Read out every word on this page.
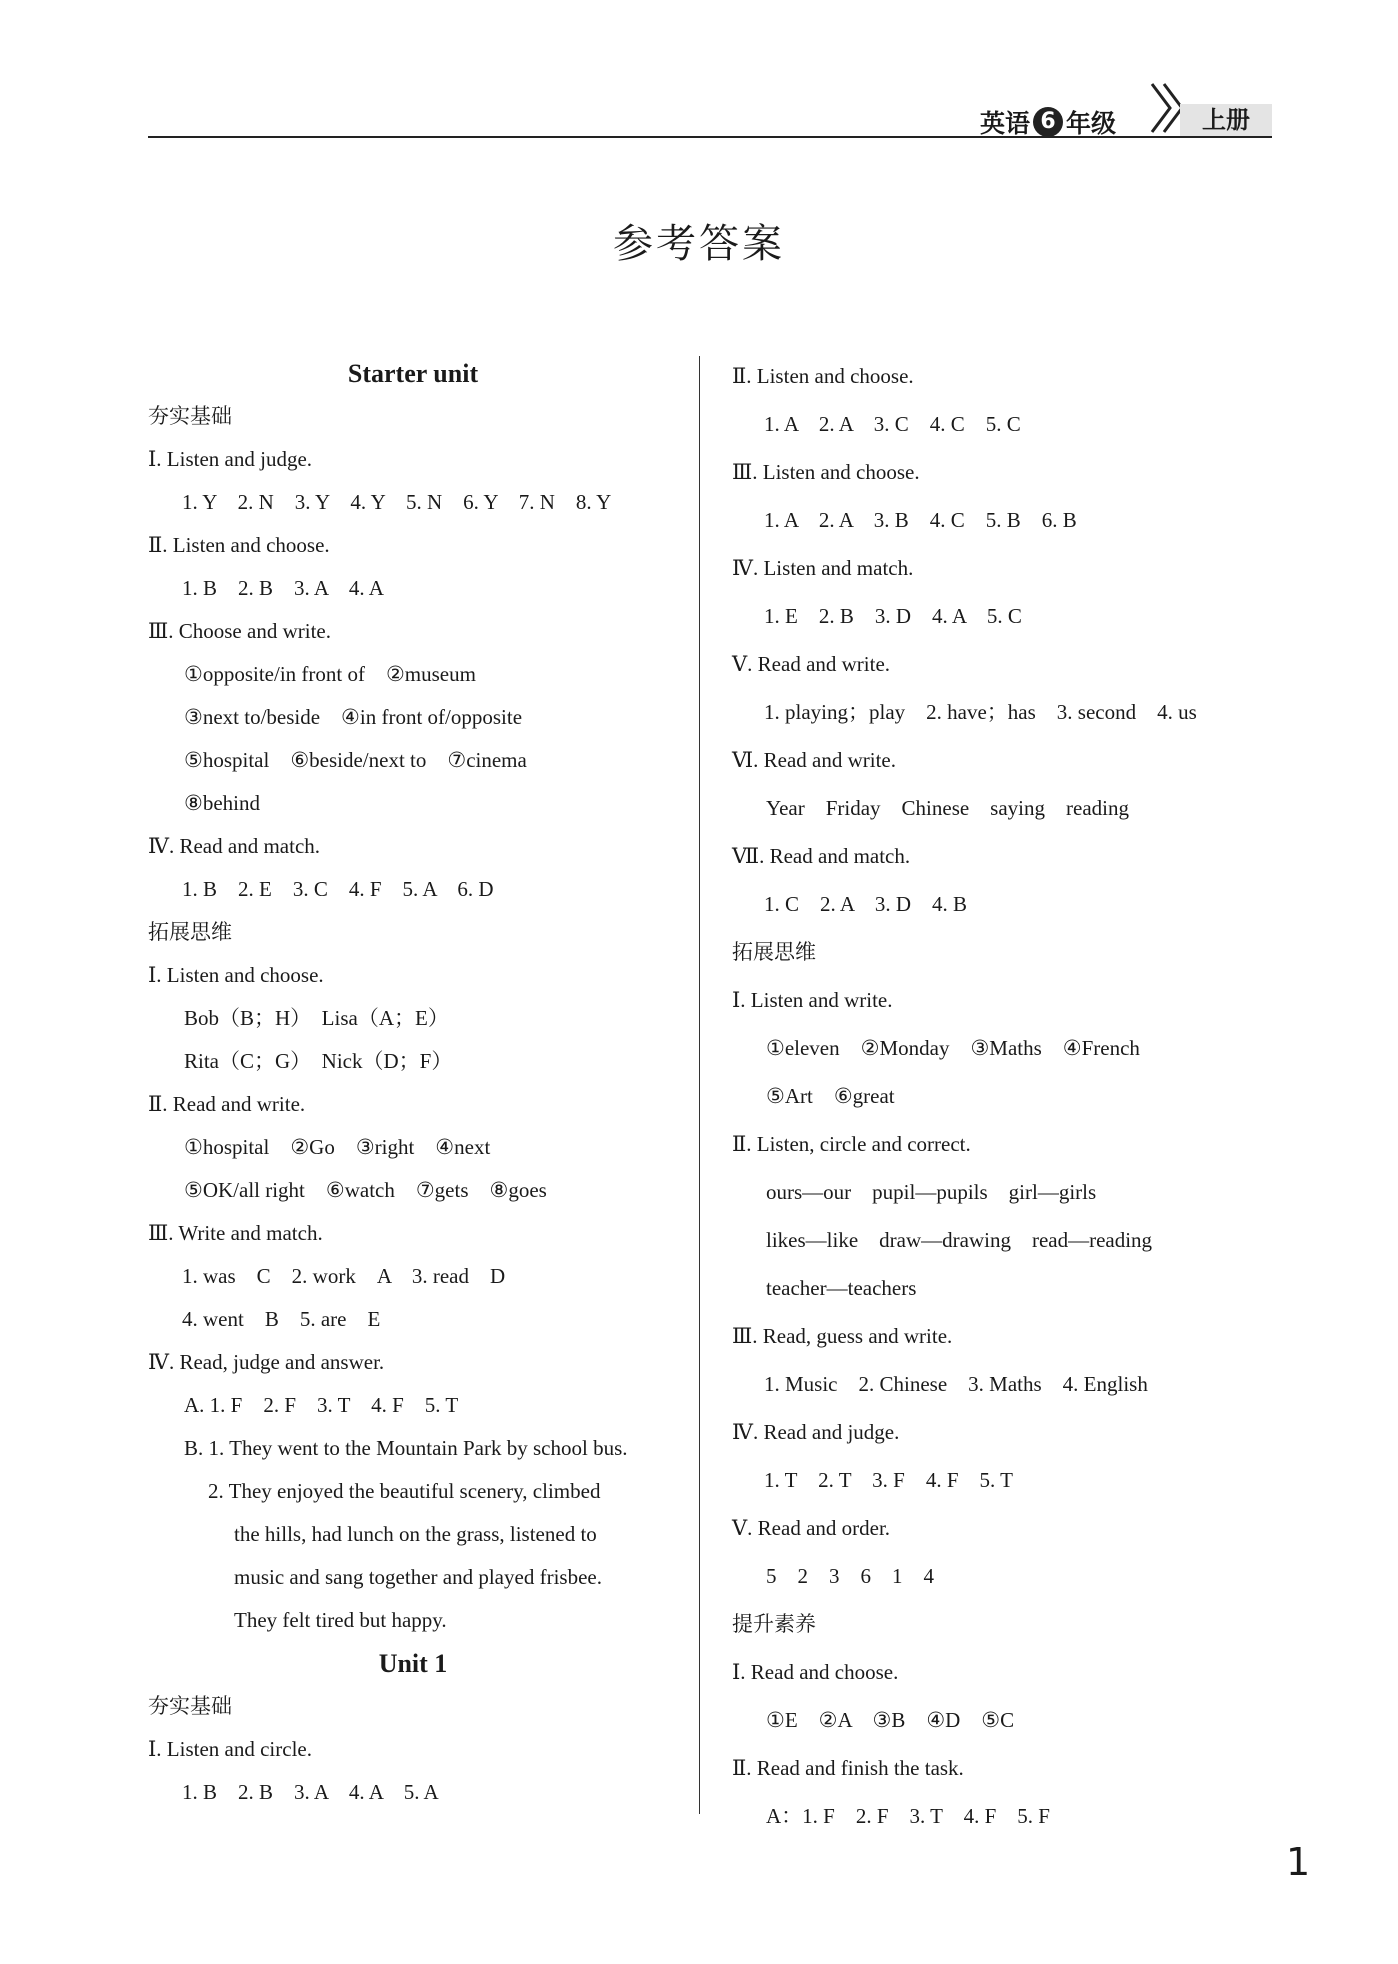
英语 6 年级	上册
参考答案
Starter unit
夯实基础
Ⅰ. Listen and judge.
1. Y　2. N　3. Y　4. Y　5. N　6. Y　7. N　8. Y
Ⅱ. Listen and choose.
1. B　2. B　3. A　4. A
Ⅲ. Choose and write.
①opposite/in front of　②museum
③next to/beside　④in front of/opposite
⑤hospital　⑥beside/next to　⑦cinema
⑧behind
Ⅳ. Read and match.
1. B　2. E　3. C　4. F　5. A　6. D
拓展思维
Ⅰ. Listen and choose.
Bob（B；H）　Lisa（A；E）
Rita（C；G）　Nick（D；F）
Ⅱ. Read and write.
①hospital　②Go　③right　④next
⑤OK/all right　⑥watch　⑦gets　⑧goes
Ⅲ. Write and match.
1. was　C　2. work　A　3. read　D
4. went　B　5. are　E
Ⅳ. Read, judge and answer.
A. 1. F　2. F　3. T　4. F　5. T
B. 1. They went to the Mountain Park by school bus.
2. They enjoyed the beautiful scenery, climbed
the hills, had lunch on the grass, listened to
music and sang together and played frisbee.
They felt tired but happy.
Unit 1
夯实基础
Ⅰ. Listen and circle.
1. B　2. B　3. A　4. A　5. A
Ⅱ. Listen and choose.
1. A　2. A　3. C　4. C　5. C
Ⅲ. Listen and choose.
1. A　2. A　3. B　4. C　5. B　6. B
Ⅳ. Listen and match.
1. E　2. B　3. D　4. A　5. C
Ⅴ. Read and write.
1. playing；play　2. have；has　3. second　4. us
Ⅵ. Read and write.
Year　Friday　Chinese　saying　reading
Ⅶ. Read and match.
1. C　2. A　3. D　4. B
拓展思维
Ⅰ. Listen and write.
①eleven　②Monday　③Maths　④French
⑤Art　⑥great
Ⅱ. Listen, circle and correct.
ours—our　pupil—pupils　girl—girls
likes—like　draw—drawing　read—reading
teacher—teachers
Ⅲ. Read, guess and write.
1. Music　2. Chinese　3. Maths　4. English
Ⅳ. Read and judge.
1. T　2. T　3. F　4. F　5. T
Ⅴ. Read and order.
5　2　3　6　1　4
提升素养
Ⅰ. Read and choose.
①E　②A　③B　④D　⑤C
Ⅱ. Read and finish the task.
A：1. F　2. F　3. T　4. F　5. F
1
